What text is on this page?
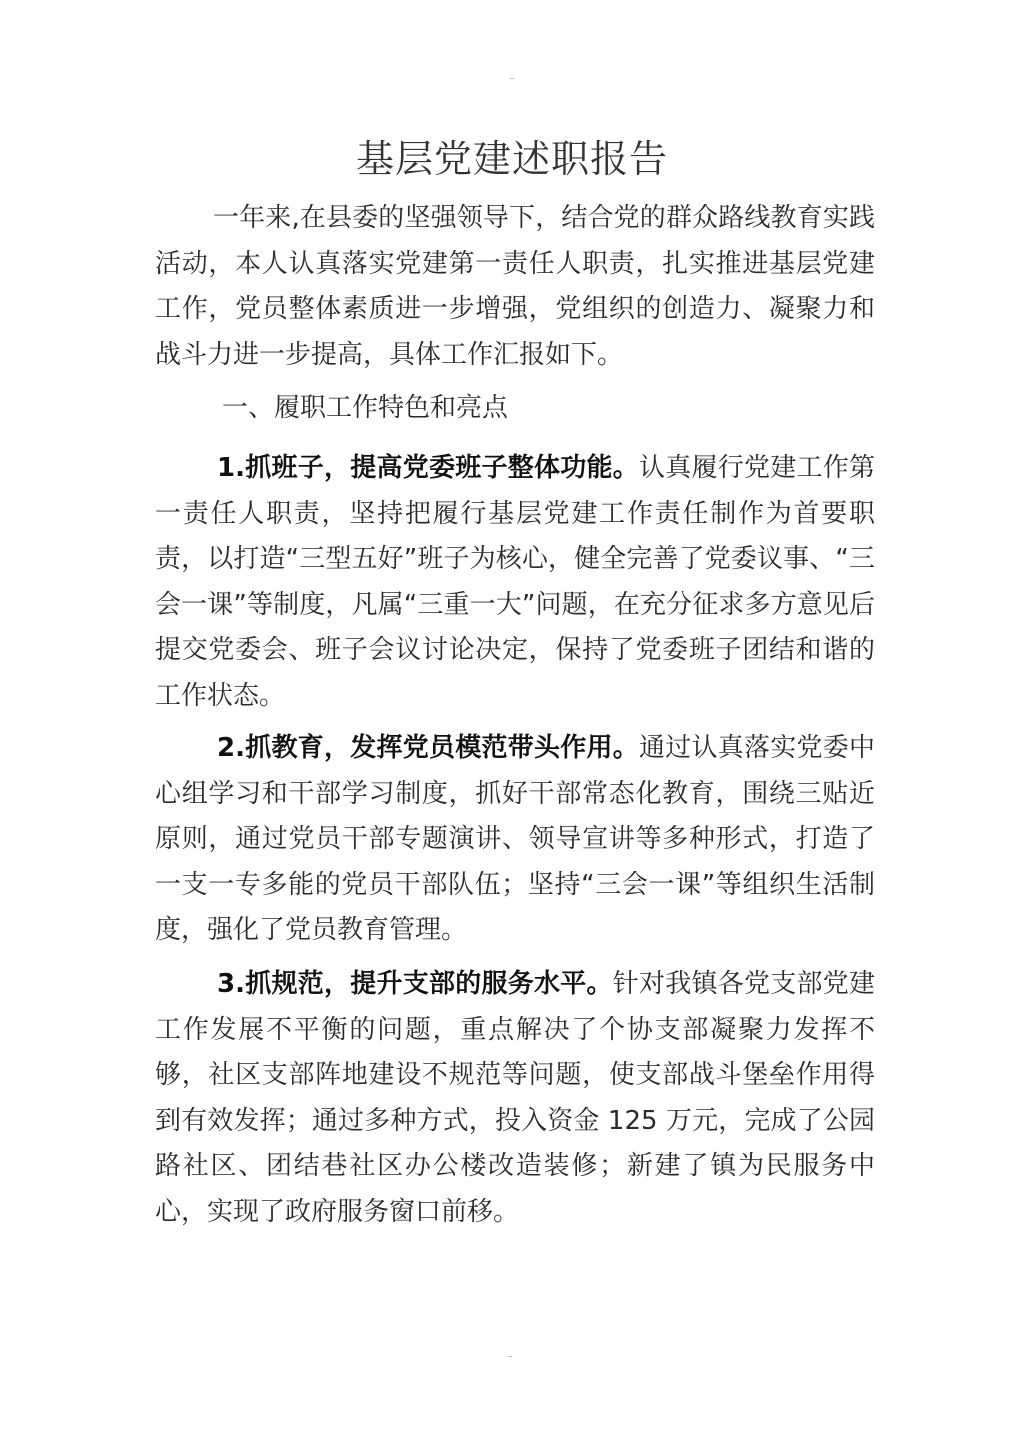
基层党建述职报告

一年来,在县委的坚强领导下，结合党的群众路线教育实践活动，本人认真落实党建第一责任人职责，扎实推进基层党建工作，党员整体素质进一步增强，党组织的创造力、凝聚力和战斗力进一步提高，具体工作汇报如下。

一、履职工作特色和亮点

1.抓班子，提高党委班子整体功能。认真履行党建工作第一责任人职责，坚持把履行基层党建工作责任制作为首要职责，以打造“三型五好”班子为核心，健全完善了党委议事、“三会一课”等制度，凡属“三重一大”问题，在充分征求多方意见后提交党委会、班子会议讨论决定，保持了党委班子团结和谐的工作状态。

2.抓教育，发挥党员模范带头作用。通过认真落实党委中心组学习和干部学习制度，抓好干部常态化教育，围绕三贴近原则，通过党员干部专题演讲、领导宣讲等多种形式，打造了一支一专多能的党员干部队伍；坚持“三会一课”等组织生活制度，强化了党员教育管理。

3.抓规范，提升支部的服务水平。针对我镇各党支部党建工作发展不平衡的问题，重点解决了个协支部凝聚力发挥不够，社区支部阵地建设不规范等问题，使支部战斗堡垒作用得到有效发挥；通过多种方式，投入资金 125 万元，完成了公园路社区、团结巷社区办公楼改造装修；新建了镇为民服务中心，实现了政府服务窗口前移。
